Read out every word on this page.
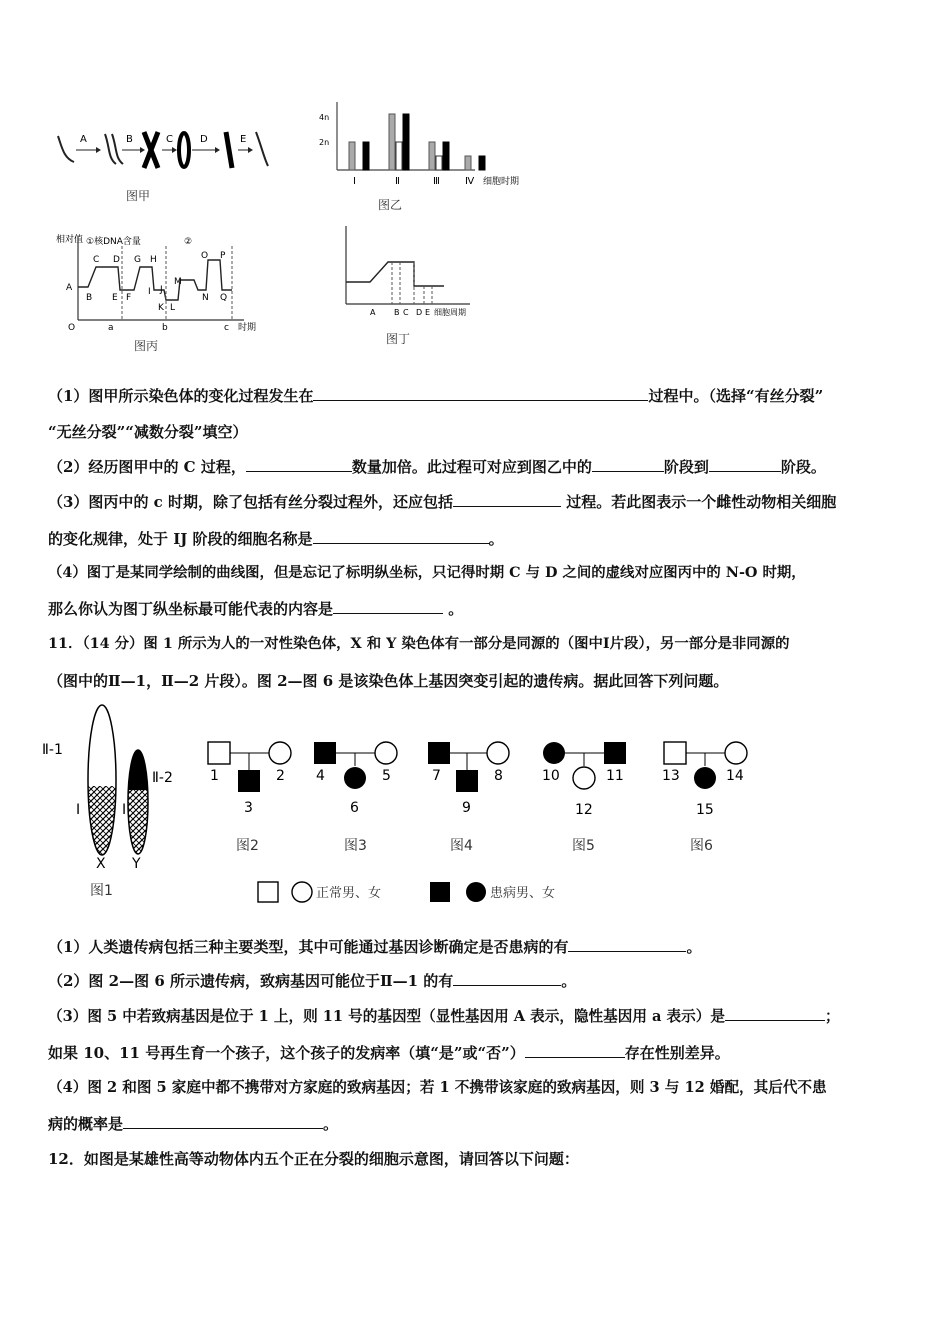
A	B	C	D	E
图甲
4n
2n
Ⅰ	Ⅱ	Ⅲ	Ⅳ 细胞时期
图乙
相对值 ①核DNA含量	②
A
B
C D
E F
G H
I J
K L
M
N
O P
Q
O	a	b	c 时期
图丙
A B C D E 细胞周期
图丁
（1）图甲所示染色体的变化过程发生在	过程中。（选择“有丝分裂”
“无丝分裂”“减数分裂”填空）
（2）经历图甲中的 C 过程，	数量加倍。此过程可对应到图乙中的	阶段到	阶段。
（3）图丙中的 c 时期，除了包括有丝分裂过程外，还应包括	过程。若此图表示一个雌性动物相关细胞
的变化规律，处于 IJ 阶段的细胞名称是	。
（4）图丁是某同学绘制的曲线图，但是忘记了标明纵坐标，只记得时期 C 与 D 之间的虚线对应图丙中的 N-O 时期，
那么你认为图丁纵坐标最可能代表的内容是	。
11．（14 分）图 1 所示为人的一对性染色体，X 和 Y 染色体有一部分是同源的（图中Ⅰ片段），另一部分是非同源的
（图中的Ⅱ—1，Ⅱ—2 片段）。图 2—图 6 是该染色体上基因突变引起的遗传病。据此回答下列问题。
Ⅱ-1
Ⅱ-2
Ⅰ	Ⅰ
X Y
图1
1	2
3
图2
4	5
6
图3
7	8
9
图4
10	11
12
图5
13	14
15
图6
正常男、女	患病男、女
（1）人类遗传病包括三种主要类型，其中可能通过基因诊断确定是否患病的有	。
（2）图 2—图 6 所示遗传病，致病基因可能位于Ⅱ—1 的有	。
（3）图 5 中若致病基因是位于 1 上，则 11 号的基因型（显性基因用 A 表示，隐性基因用 a 表示）是	；
如果 10、11 号再生育一个孩子，这个孩子的发病率（填“是”或“否”）	存在性别差异。
（4）图 2 和图 5 家庭中都不携带对方家庭的致病基因；若 1 不携带该家庭的致病基因，则 3 与 12 婚配，其后代不患
病的概率是	。
12．如图是某雄性高等动物体内五个正在分裂的细胞示意图，请回答以下问题：
